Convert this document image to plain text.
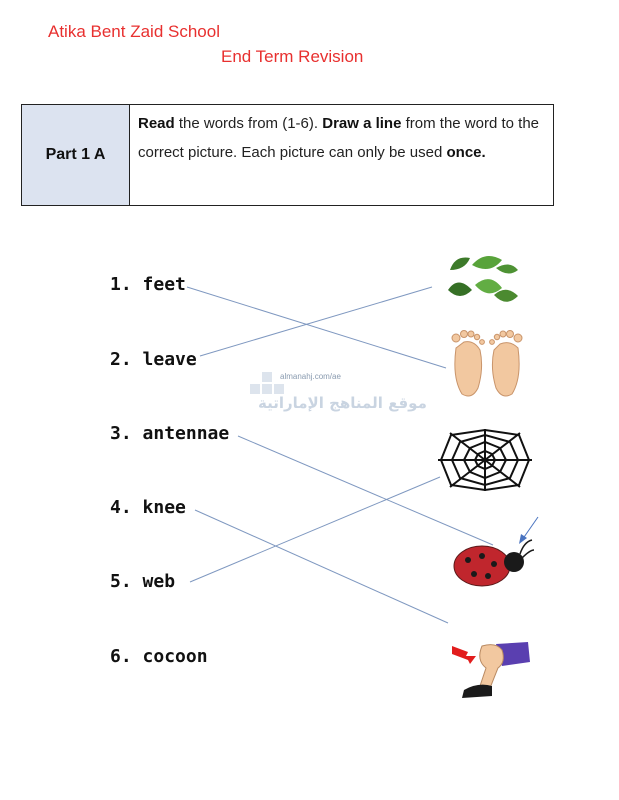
Atika Bent Zaid School
End Term Revision
Part 1 A
Read the words from (1-6). Draw a line from the word to the correct picture. Each picture can only be used once.
1. feet
2. leave
3. antennae
4. knee
5. web
6. cocoon
almanahj.com/ae
موقع المناهج الإماراتية
